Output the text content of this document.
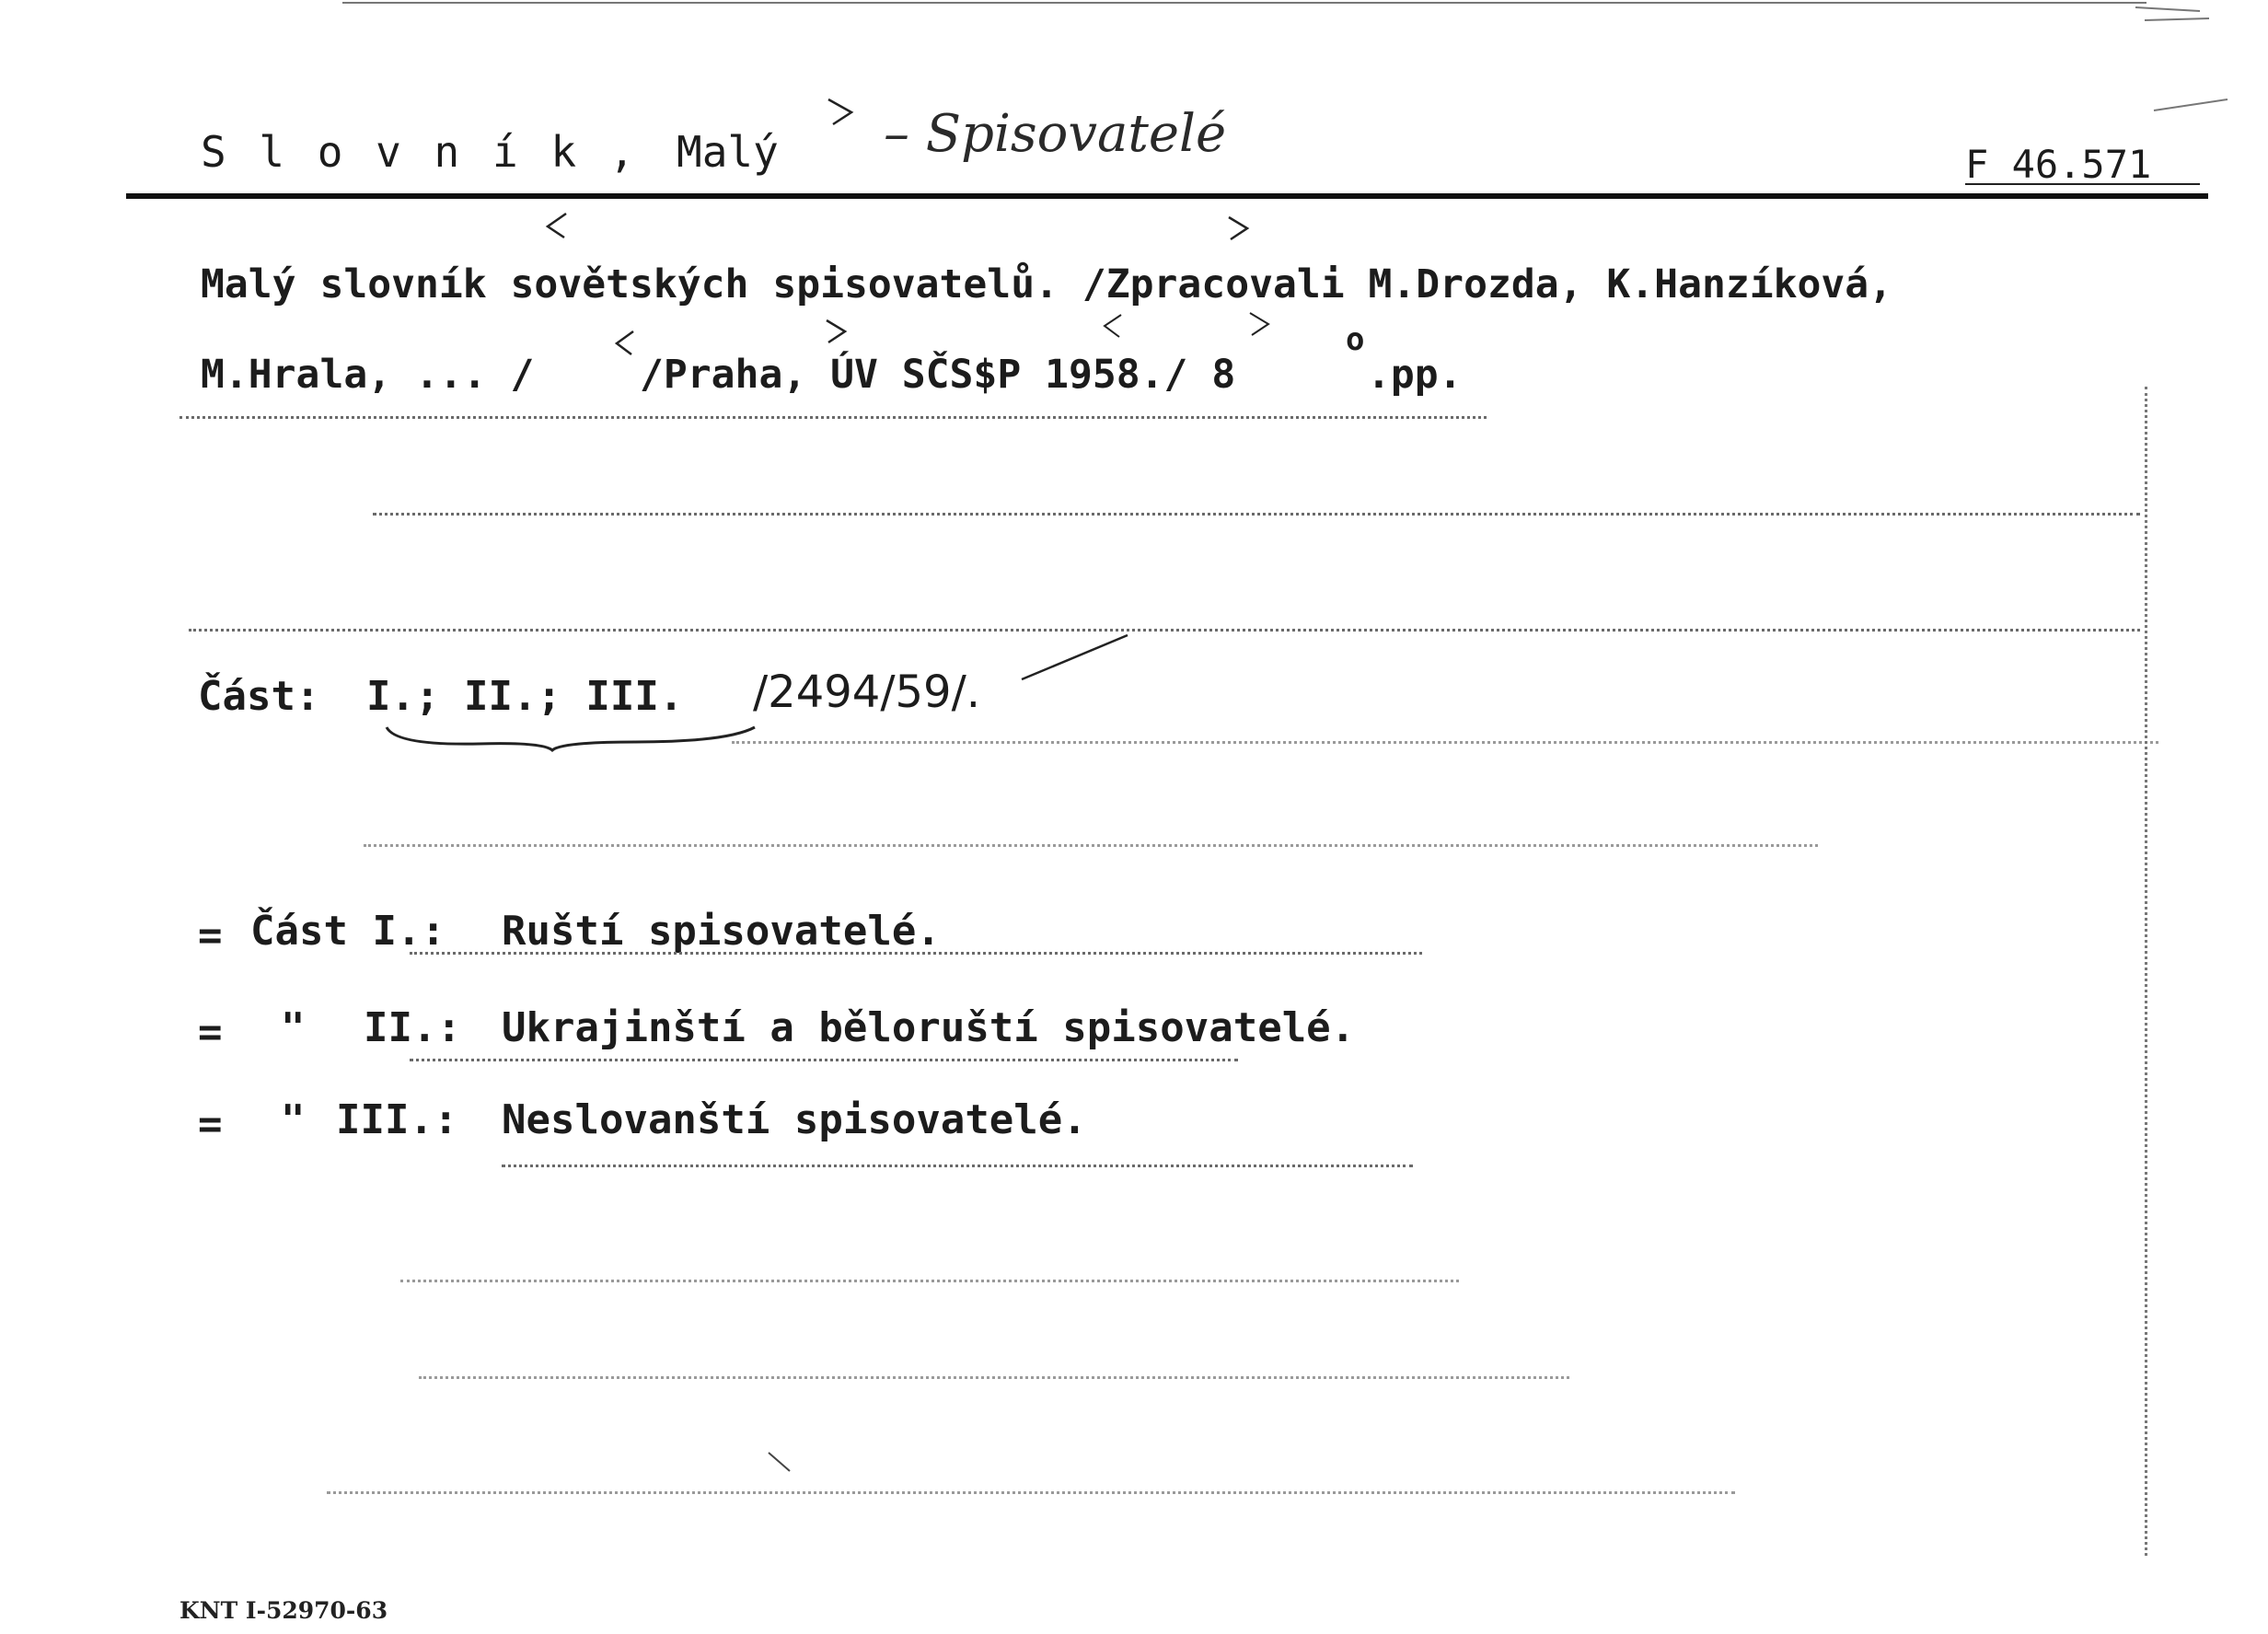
S l o v n í k , Malý – Spisovatelé
F 46.571
Malý slovník sovětských spisovatelů. /Zpracovali M.Drozda, K.Hanzíková,
M.Hrala, ... /	/Praha, ÚV SČS$P 1958./ 8
o
.pp.
Část: I.; II.; III. /2494/59/.
= Část I.: Ruští spisovatelé.
= " II.: Ukrajinští a běloruští spisovatelé.
= " III.: Neslovanští spisovatelé.
KNT I-52970-63
